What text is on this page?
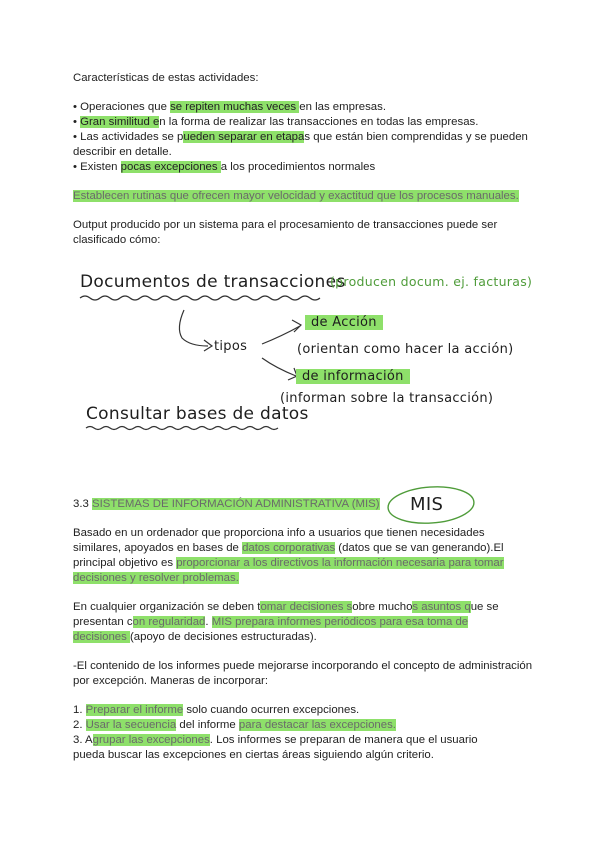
Características de estas actividades:

• Operaciones que se repiten muchas veces en las empresas.

• Gran similitud en la forma de realizar las transacciones en todas las empresas.

• Las actividades se pueden separar en etapas que están bien comprendidas y se pueden describir en detalle.

• Existen pocas excepciones a los procedimientos normales

Establecen rutinas que ofrecen mayor velocidad y exactitud que los procesos manuales.

Output producido por un sistema para el procesamiento de transacciones puede ser clasificado cómo:

Documentos de transacciones
(producen docum. ej. facturas)
tipos
de Acción
(orientan como hacer la acción)
de información
(informan sobre la transacción)
Consultar bases de datos
MIS

3.3 SISTEMAS DE INFORMACIÓN ADMINISTRATIVA (MIS)

Basado en un ordenador que proporciona info a usuarios que tienen necesidades similares, apoyados en bases de datos corporativas (datos que se van generando).El principal objetivo es proporcionar a los directivos la información necesaria para tomar decisiones y resolver problemas.

En cualquier organización se deben tomar decisiones sobre muchos asuntos que se presentan con regularidad. MIS prepara informes periódicos para esa toma de decisiones (apoyo de decisiones estructuradas).

-El contenido de los informes puede mejorarse incorporando el concepto de administración por excepción. Maneras de incorporar:

1. Preparar el informe solo cuando ocurren excepciones.

2. Usar la secuencia del informe para destacar las excepciones.

3. Agrupar las excepciones. Los informes se preparan de manera que el usuario pueda buscar las excepciones en ciertas áreas siguiendo algún criterio.
